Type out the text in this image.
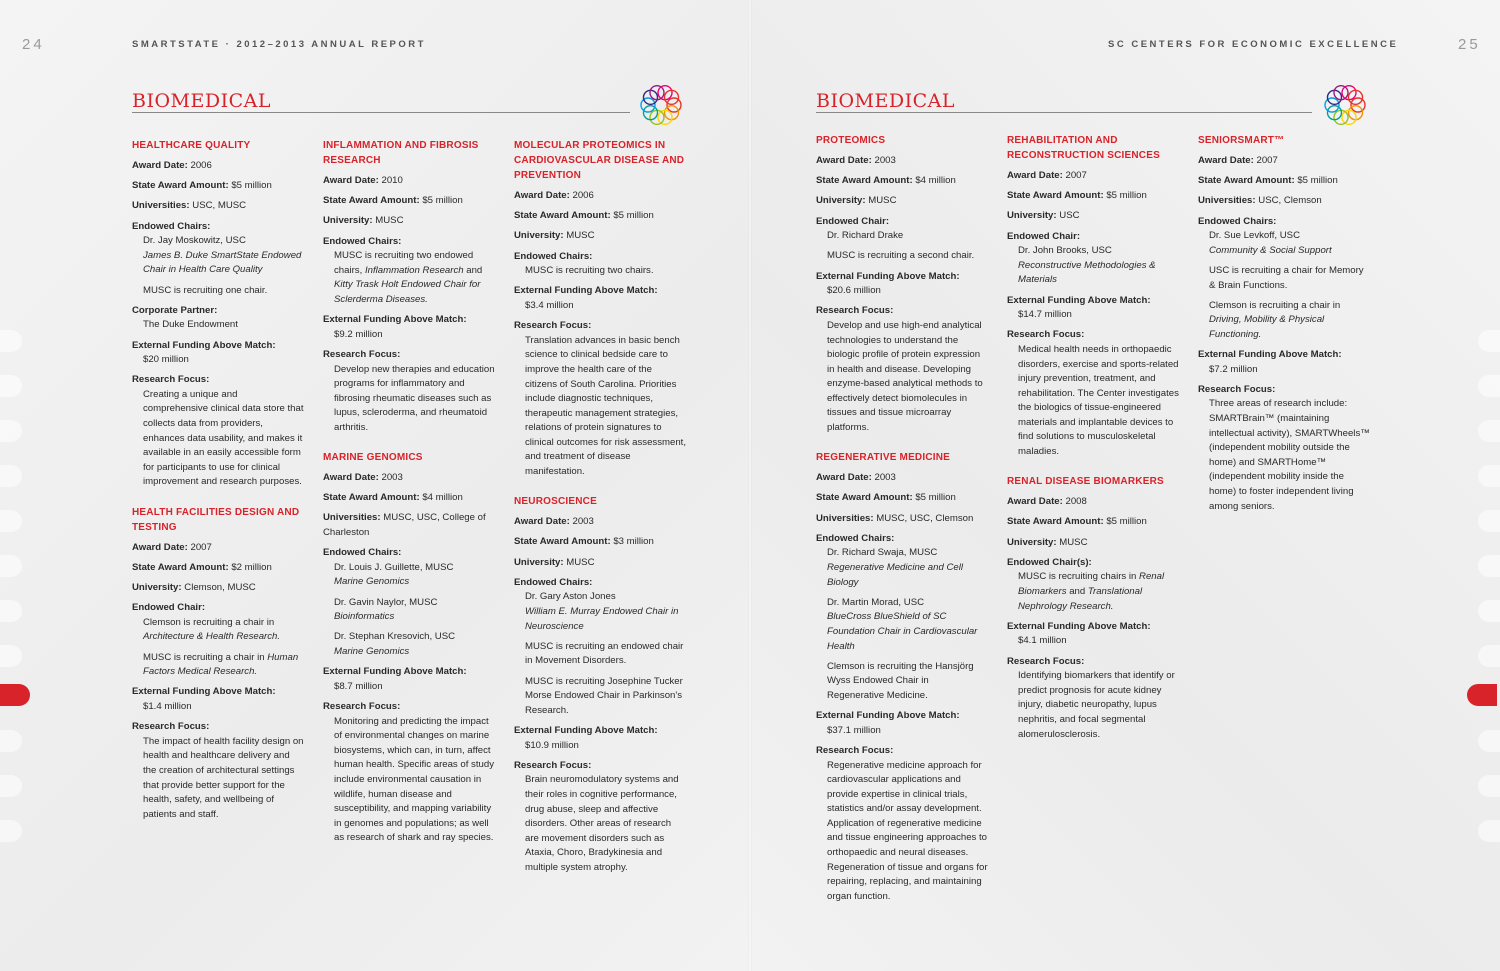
24	SMARTSTATE · 2012–2013 ANNUAL REPORT
BIOMEDICAL
HEALTHCARE QUALITY
Award Date: 2006
State Award Amount: $5 million
Universities: USC, MUSC
Endowed Chairs:
Dr. Jay Moskowitz, USC
James B. Duke SmartState Endowed Chair in Health Care Quality
MUSC is recruiting one chair.
Corporate Partner:
The Duke Endowment
External Funding Above Match:
$20 million
Research Focus:
Creating a unique and comprehensive clinical data store that collects data from providers, enhances data usability, and makes it available in an easily accessible form for participants to use for clinical improvement and research purposes.
HEALTH FACILITIES DESIGN AND TESTING
Award Date: 2007
State Award Amount: $2 million
University: Clemson, MUSC
Endowed Chair:
Clemson is recruiting a chair in Architecture & Health Research.
MUSC is recruiting a chair in Human Factors Medical Research.
External Funding Above Match:
$1.4 million
Research Focus:
The impact of health facility design on health and healthcare delivery and the creation of architectural settings that provide better support for the health, safety, and wellbeing of patients and staff.
INFLAMMATION AND FIBROSIS RESEARCH
Award Date: 2010
State Award Amount: $5 million
University: MUSC
Endowed Chairs:
MUSC is recruiting two endowed chairs, Inflammation Research and Kitty Trask Holt Endowed Chair for Sclerderma Diseases.
External Funding Above Match:
$9.2 million
Research Focus:
Develop new therapies and education programs for inflammatory and fibrosing rheumatic diseases such as lupus, scleroderma, and rheumatoid arthritis.
MARINE GENOMICS
Award Date: 2003
State Award Amount: $4 million
Universities: MUSC, USC, College of Charleston
Endowed Chairs:
Dr. Louis J. Guillette, MUSC
Marine Genomics
Dr. Gavin Naylor, MUSC
Bioinformatics
Dr. Stephan Kresovich, USC
Marine Genomics
External Funding Above Match:
$8.7 million
Research Focus:
Monitoring and predicting the impact of environmental changes on marine biosystems, which can, in turn, affect human health. Specific areas of study include environmental causation in wildlife, human disease and susceptibility, and mapping variability in genomes and populations; as well as research of shark and ray species.
MOLECULAR PROTEOMICS IN CARDIOVASCULAR DISEASE AND PREVENTION
Award Date: 2006
State Award Amount: $5 million
University: MUSC
Endowed Chairs:
MUSC is recruiting two chairs.
External Funding Above Match:
$3.4 million
Research Focus:
Translation advances in basic bench science to clinical bedside care to improve the health care of the citizens of South Carolina. Priorities include diagnostic techniques, therapeutic management strategies, relations of protein signatures to clinical outcomes for risk assessment, and treatment of disease manifestation.
NEUROSCIENCE
Award Date: 2003
State Award Amount: $3 million
University: MUSC
Endowed Chairs:
Dr. Gary Aston Jones
William E. Murray Endowed Chair in Neuroscience
MUSC is recruiting an endowed chair in Movement Disorders.
MUSC is recruiting Josephine Tucker Morse Endowed Chair in Parkinson's Research.
External Funding Above Match:
$10.9 million
Research Focus:
Brain neuromodulatory systems and their roles in cognitive performance, drug abuse, sleep and affective disorders. Other areas of research are movement disorders such as Ataxia, Choro, Bradykinesia and multiple system atrophy.
25
SC CENTERS FOR ECONOMIC EXCELLENCE
BIOMEDICAL
PROTEOMICS
Award Date: 2003
State Award Amount: $4 million
University: MUSC
Endowed Chair:
Dr. Richard Drake
MUSC is recruiting a second chair.
External Funding Above Match:
$20.6 million
Research Focus:
Develop and use high-end analytical technologies to understand the biologic profile of protein expression in health and disease. Developing enzyme-based analytical methods to effectively detect biomolecules in tissues and tissue microarray platforms.
REGENERATIVE MEDICINE
Award Date: 2003
State Award Amount: $5 million
Universities: MUSC, USC, Clemson
Endowed Chairs:
Dr. Richard Swaja, MUSC
Regenerative Medicine and Cell Biology
Dr. Martin Morad, USC
BlueCross BlueShield of SC Foundation Chair in Cardiovascular Health
Clemson is recruiting the Hansjörg Wyss Endowed Chair in Regenerative Medicine.
External Funding Above Match:
$37.1 million
Research Focus:
Regenerative medicine approach for cardiovascular applications and provide expertise in clinical trials, statistics and/or assay development. Application of regenerative medicine and tissue engineering approaches to orthopaedic and neural diseases. Regeneration of tissue and organs for repairing, replacing, and maintaining organ function.
REHABILITATION AND RECONSTRUCTION SCIENCES
Award Date: 2007
State Award Amount: $5 million
University: USC
Endowed Chair:
Dr. John Brooks, USC
Reconstructive Methodologies & Materials
External Funding Above Match:
$14.7 million
Research Focus:
Medical health needs in orthopaedic disorders, exercise and sports-related injury prevention, treatment, and rehabilitation. The Center investigates the biologics of tissue-engineered materials and implantable devices to find solutions to musculoskeletal maladies.
RENAL DISEASE BIOMARKERS
Award Date: 2008
State Award Amount: $5 million
University: MUSC
Endowed Chair(s):
MUSC is recruiting chairs in Renal Biomarkers and Translational Nephrology Research.
External Funding Above Match:
$4.1 million
Research Focus:
Identifying biomarkers that identify or predict prognosis for acute kidney injury, diabetic neuropathy, lupus nephritis, and focal segmental alomerulosclerosis.
SENIORSMART™
Award Date: 2007
State Award Amount: $5 million
Universities: USC, Clemson
Endowed Chairs:
Dr. Sue Levkoff, USC
Community & Social Support
USC is recruiting a chair for Memory & Brain Functions.
Clemson is recruiting a chair in Driving, Mobility & Physical Functioning.
External Funding Above Match:
$7.2 million
Research Focus:
Three areas of research include: SMARTBrain™ (maintaining intellectual activity), SMARTWheels™ (independent mobility outside the home) and SMARTHome™ (independent mobility inside the home) to foster independent living among seniors.
